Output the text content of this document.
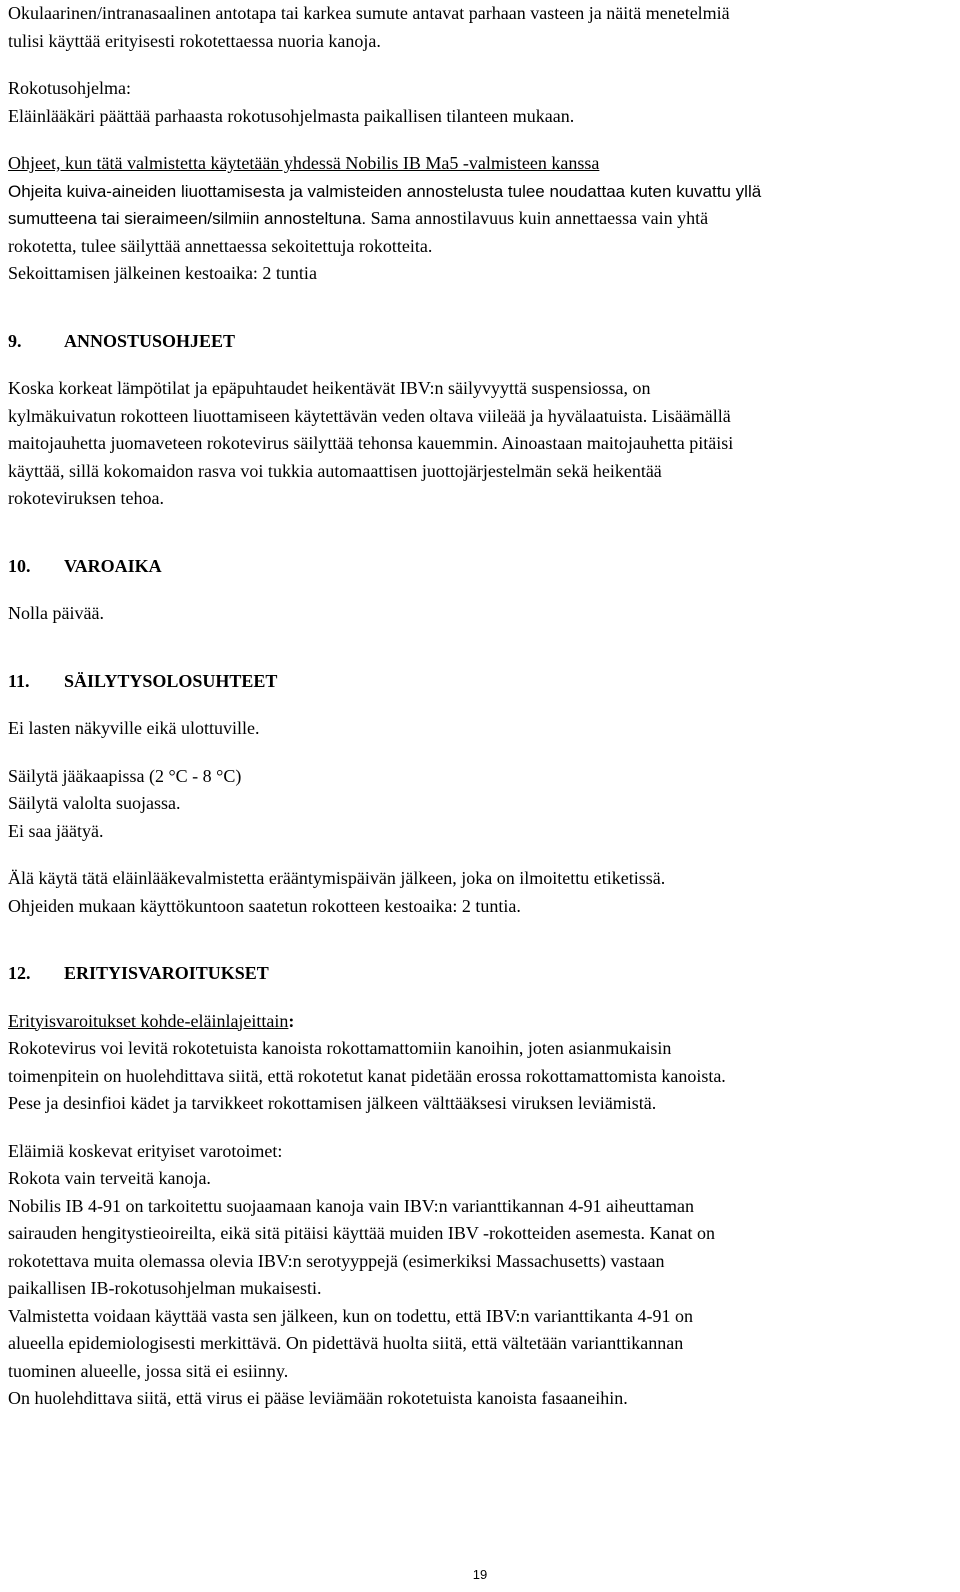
Okulaarinen/intranasaalinen antotapa tai karkea sumute antavat parhaan vasteen ja näitä menetelmiä

tulisi käyttää erityisesti rokotettaessa nuoria kanoja.

Rokotusohjelma:

Eläinlääkäri päättää parhaasta rokotusohjelmasta paikallisen tilanteen mukaan.

Ohjeet, kun tätä valmistetta käytetään yhdessä Nobilis IB Ma5 -valmisteen kanssa

Ohjeita kuiva-aineiden liuottamisesta ja valmisteiden annostelusta tulee noudattaa kuten kuvattu yllä

sumutteena tai sieraimeen/silmiin annosteltuna. Sama annostilavuus kuin annettaessa vain yhtä

rokotetta, tulee säilyttää annettaessa sekoitettuja rokotteita.

Sekoittamisen jälkeinen kestoaika: 2 tuntia

9.	ANNOSTUSOHJEET

Koska korkeat lämpötilat ja epäpuhtaudet heikentävät IBV:n säilyvyyttä suspensiossa, on

kylmäkuivatun rokotteen liuottamiseen käytettävän veden oltava viileää ja hyvälaatuista. Lisäämällä

maitojauhetta juomaveteen rokotevirus säilyttää tehonsa kauemmin. Ainoastaan maitojauhetta pitäisi

käyttää, sillä kokomaidon rasva voi tukkia automaattisen juottojärjestelmän sekä heikentää

rokoteviruksen tehoa.

10.	VAROAIKA

Nolla päivää.

11.	SÄILYTYSOLOSUHTEET

Ei lasten näkyville eikä ulottuville.

Säilytä jääkaapissa (2 °C - 8 °C)

Säilytä valolta suojassa.

Ei saa jäätyä.

Älä käytä tätä eläinlääkevalmistetta erääntymispäivän jälkeen, joka on ilmoitettu etiketissä.

Ohjeiden mukaan käyttökuntoon saatetun rokotteen kestoaika: 2 tuntia.

12.	ERITYISVAROITUKSET

Erityisvaroitukset kohde-eläinlajeittain:

Rokotevirus voi levitä rokotetuista kanoista rokottamattomiin kanoihin, joten asianmukaisin

toimenpitein on huolehdittava siitä, että rokotetut kanat pidetään erossa rokottamattomista kanoista.

Pese ja desinfioi kädet ja tarvikkeet rokottamisen jälkeen välttääksesi viruksen leviämistä.

Eläimiä koskevat erityiset varotoimet:

Rokota vain terveitä kanoja.

Nobilis IB 4-91 on tarkoitettu suojaamaan kanoja vain IBV:n varianttikannan 4-91 aiheuttaman

sairauden hengitystieoireilta, eikä sitä pitäisi käyttää muiden IBV -rokotteiden asemesta. Kanat on

rokotettava muita olemassa olevia IBV:n serotyyppejä (esimerkiksi Massachusetts) vastaan

paikallisen IB-rokotusohjelman mukaisesti.

Valmistetta voidaan käyttää vasta sen jälkeen, kun on todettu, että IBV:n varianttikanta 4-91 on

alueella epidemiologisesti merkittävä. On pidettävä huolta siitä, että vältetään varianttikannan

tuominen alueelle, jossa sitä ei esiinny.

On huolehdittava siitä, että virus ei pääse leviämään rokotetuista kanoista fasaaneihin.

19
